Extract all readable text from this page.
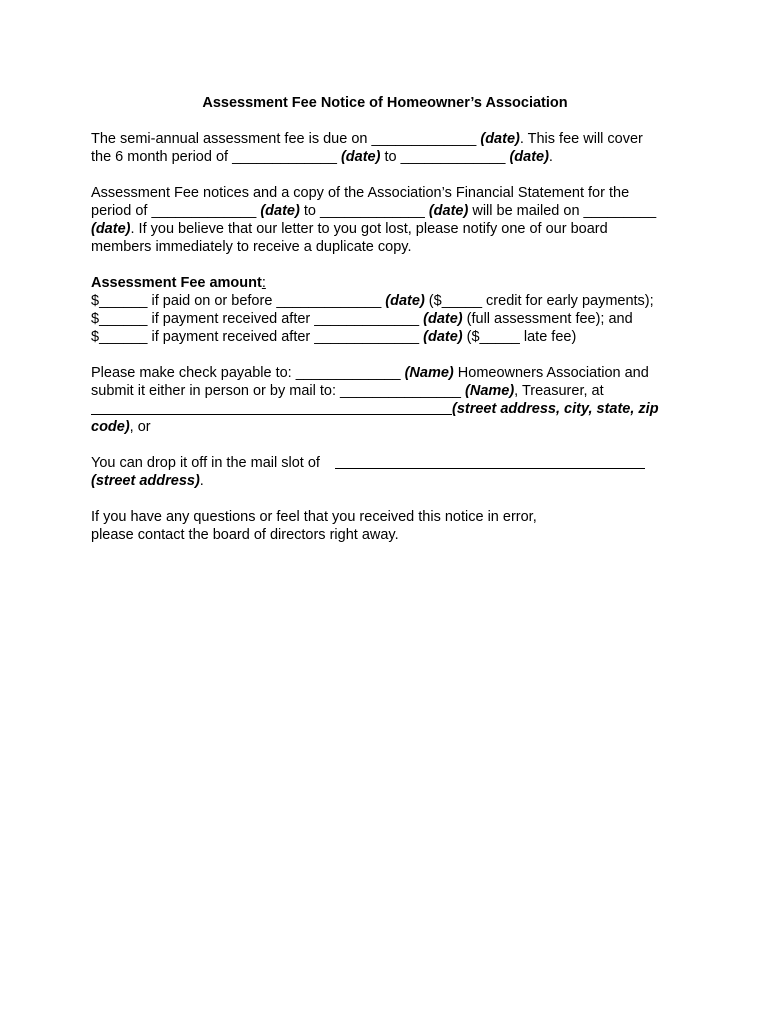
Assessment Fee Notice of Homeowner’s Association
The semi-annual assessment fee is due on _____________ (date). This fee will cover
the 6 month period of _____________ (date) to _____________ (date).
Assessment Fee notices and a copy of the Association’s Financial Statement for the
period of _____________ (date) to _____________ (date) will be mailed on _________
(date). If you believe that our letter to you got lost, please notify one of our board
members immediately to receive a duplicate copy.
Assessment Fee amount:
$______ if paid on or before _____________ (date) ($_____ credit for early payments);
$______ if payment received after _____________ (date) (full assessment fee); and
$______ if payment received after _____________ (date) ($_____ late fee)
Please make check payable to: _____________ (Name) Homeowners Association and
submit it either in person or by mail to: _______________ (Name), Treasurer, at
(street address, city, state, zip
code), or
You can drop it off in the mail slot of
(street address).
If you have any questions or feel that you received this notice in error,
please contact the board of directors right away.
